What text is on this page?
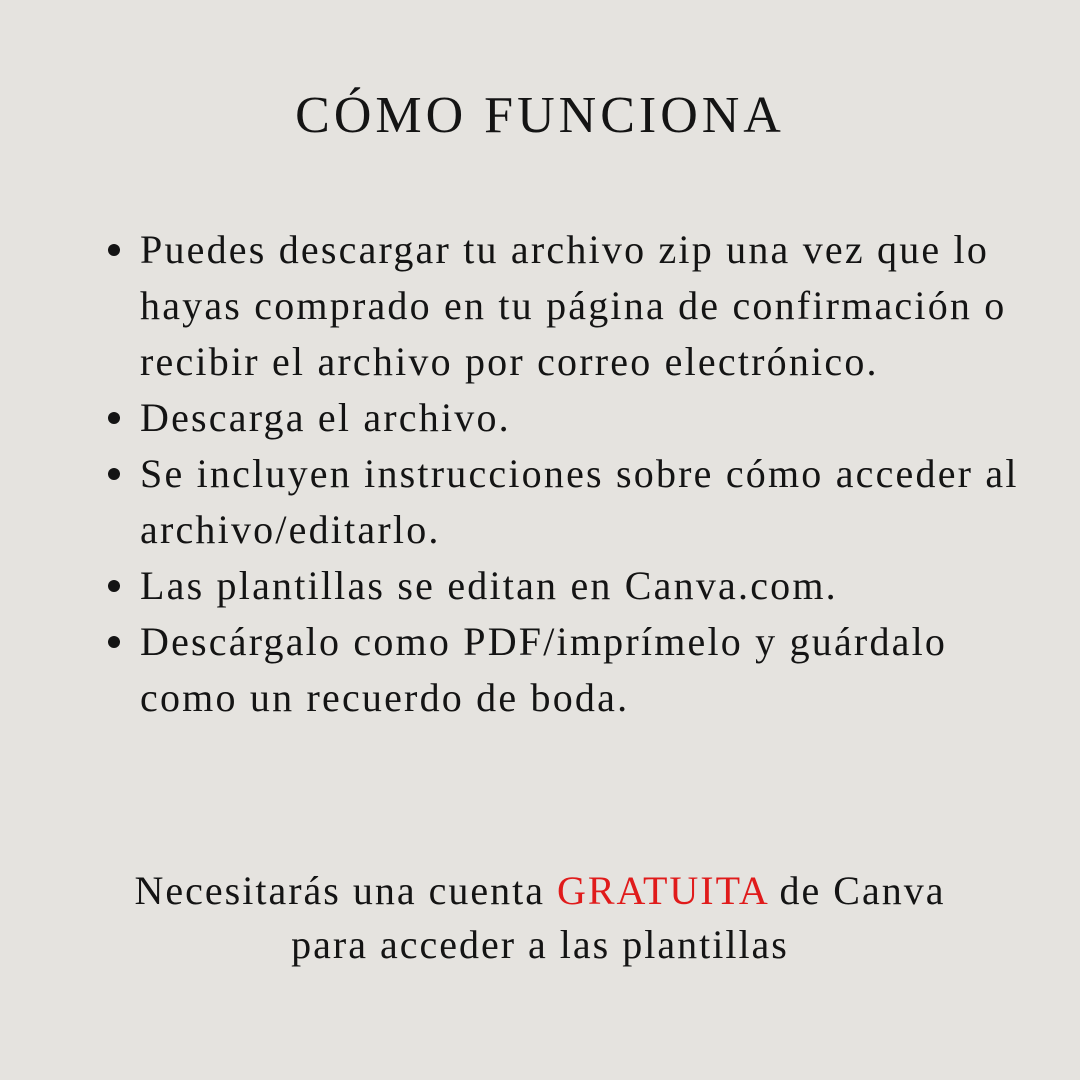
CÓMO FUNCIONA
Puedes descargar tu archivo zip una vez que lo hayas comprado en tu página de confirmación o recibir el archivo por correo electrónico.
Descarga el archivo.
Se incluyen instrucciones sobre cómo acceder al archivo/editarlo.
Las plantillas se editan en Canva.com.
Descárgalo como PDF/imprímelo y guárdalo como un recuerdo de boda.

Necesitarás una cuenta GRATUITA de Canva
para acceder a las plantillas
